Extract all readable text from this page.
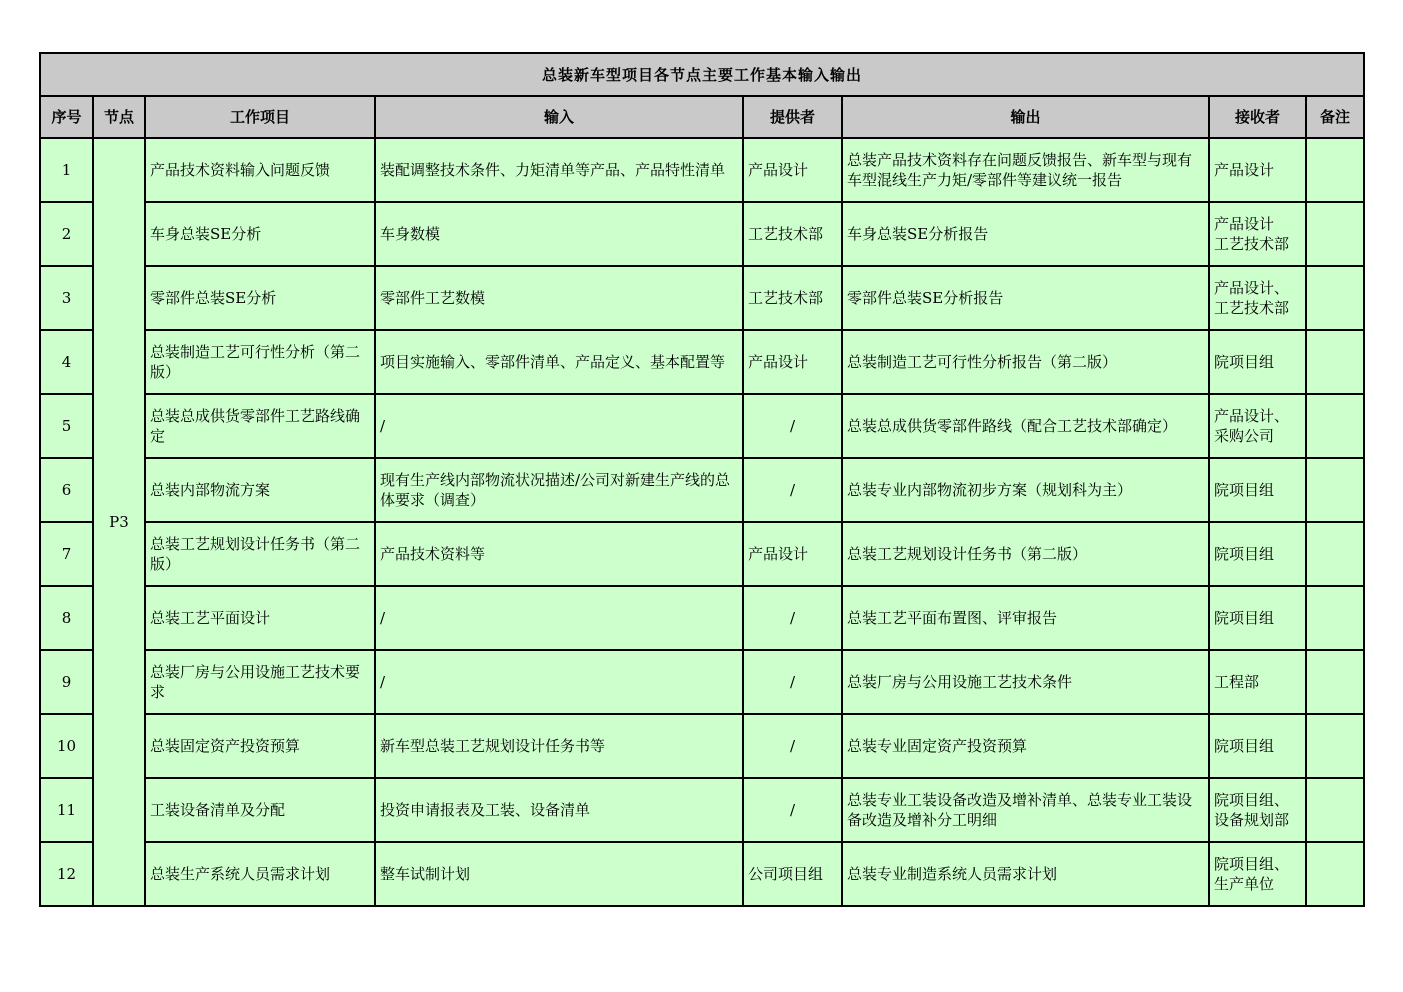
总装新车型项目各节点主要工作基本输入输出							
序号	节点	工作项目	输入	提供者	输出	接收者	备注
1	P3	产品技术资料输入问题反馈	装配调整技术条件、力矩清单等产品、产品特性清单	产品设计	总装产品技术资料存在问题反馈报告、新车型与现有车型混线生产力矩/零部件等建议统一报告	产品设计	
2		车身总装SE分析	车身数模	工艺技术部	车身总装SE分析报告	产品设计
工艺技术部	
3		零部件总装SE分析	零部件工艺数模	工艺技术部	零部件总装SE分析报告	产品设计、
工艺技术部	
4		总装制造工艺可行性分析（第二版）	项目实施输入、零部件清单、产品定义、基本配置等	产品设计	总装制造工艺可行性分析报告（第二版）	院项目组	
5		总装总成供货零部件工艺路线确定	/	/	总装总成供货零部件路线（配合工艺技术部确定）	产品设计、
采购公司	
6		总装内部物流方案	现有生产线内部物流状况描述/公司对新建生产线的总体要求（调查）	/	总装专业内部物流初步方案（规划科为主）	院项目组	
7		总装工艺规划设计任务书（第二版）	产品技术资料等	产品设计	总装工艺规划设计任务书（第二版）	院项目组	
8		总装工艺平面设计	/	/	总装工艺平面布置图、评审报告	院项目组	
9		总装厂房与公用设施工艺技术要求	/	/	总装厂房与公用设施工艺技术条件	工程部	
10		总装固定资产投资预算	新车型总装工艺规划设计任务书等	/	总装专业固定资产投资预算	院项目组	
11		工装设备清单及分配	投资申请报表及工装、设备清单	/	总装专业工装设备改造及增补清单、总装专业工装设备改造及增补分工明细	院项目组、
设备规划部	
12		总装生产系统人员需求计划	整车试制计划	公司项目组	总装专业制造系统人员需求计划	院项目组、
生产单位	
